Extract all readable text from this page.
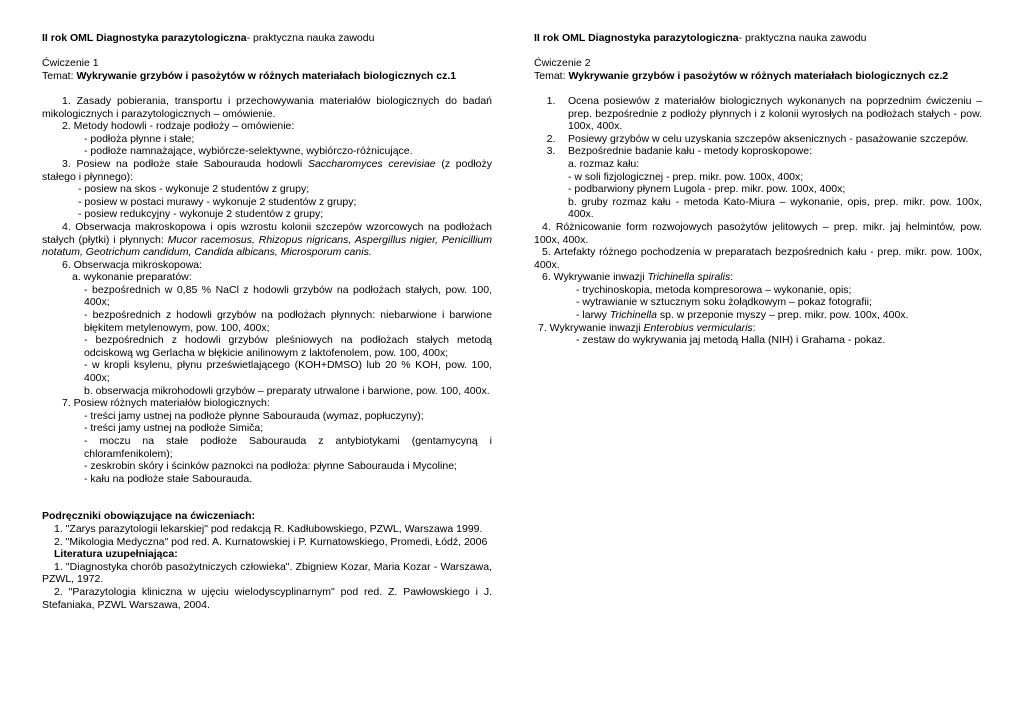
II rok OML Diagnostyka parazytologiczna- praktyczna nauka zawodu

Ćwiczenie 1

Temat: Wykrywanie grzybów i pasożytów w różnych materiałach biologicznych cz.1

1. Zasady pobierania, transportu i przechowywania materiałów biologicznych do badań mikologicznych i parazytologicznych – omówienie.

2. Metody hodowli - rodzaje podłoży – omówienie:

- podłoża płynne i stałe;

- podłoże namnażające, wybiórcze-selektywne, wybiórczo-różnicujące.

3. Posiew na podłoże stałe Sabourauda hodowli Saccharomyces cerevisiae (z podłoży stałego i płynnego):

- posiew na skos - wykonuje 2 studentów z grupy;

- posiew w postaci murawy - wykonuje 2 studentów z grupy;

- posiew redukcyjny - wykonuje 2 studentów z grupy;

4. Obserwacja makroskopowa i opis wzrostu kolonii szczepów wzorcowych na podłożach stałych (płytki) i płynnych: Mucor racemosus, Rhizopus nigricans, Aspergillus nigier, Penicillium notatum, Geotrichum candidum, Candida albicans, Microsporum canis.

6. Obserwacja mikroskopowa:

a. wykonanie preparatów:

- bezpośrednich w 0,85 % NaCl z hodowli grzybów na podłożach stałych, pow. 100, 400x;

- bezpośrednich z hodowli grzybów na podłożach płynnych: niebarwione i barwione błękitem metylenowym, pow. 100, 400x;

- bezpośrednich z hodowli grzybów pleśniowych na podłożach stałych metodą odciskową wg Gerlacha w błękicie anilinowym z laktofenolem, pow. 100, 400x;

- w kropli ksylenu, płynu prześwietlającego (KOH+DMSO) lub 20 % KOH, pow. 100, 400x;

b. obserwacja mikrohodowli grzybów – preparaty utrwalone i barwione, pow. 100, 400x.

7. Posiew różnych materiałów biologicznych:

- treści jamy ustnej na podłoże płynne Sabourauda (wymaz, popłuczyny);

- treści jamy ustnej na podłoże Simiča;

- moczu na stałe podłoże Sabourauda z antybiotykami (gentamycyną i chloramfenikolem);

- zeskrobin skóry i ścinków paznokci na podłoża: płynne Sabourauda i Mycoline;

- kału na podłoże stałe Sabourauda.

Podręczniki obowiązujące na ćwiczeniach:

1. "Zarys parazytologii lekarskiej" pod redakcją R. Kadłubowskiego, PZWL, Warszawa 1999.

2. "Mikologia Medyczna" pod red. A. Kurnatowskiej i P. Kurnatowskiego, Promedi, Łódź, 2006

Literatura uzupełniająca:

1. "Diagnostyka chorób pasożytniczych człowieka". Zbigniew Kozar, Maria Kozar - Warszawa, PZWL, 1972.

2. "Parazytologia kliniczna w ujęciu wielodyscyplinarnym" pod red. Z. Pawłowskiego i J. Stefaniaka, PZWL Warszawa, 2004.

II rok OML Diagnostyka parazytologiczna- praktyczna nauka zawodu

Ćwiczenie 2

Temat: Wykrywanie grzybów i pasożytów w różnych materiałach biologicznych cz.2

1.	Ocena posiewów z materiałów biologicznych wykonanych na poprzednim ćwiczeniu – prep. bezpośrednie z podłoży płynnych i z kolonii wyrosłych na podłożach stałych - pow. 100x, 400x.

2.	Posiewy grzybów w celu uzyskania szczepów aksenicznych - pasażowanie szczepów.

3.	Bezpośrednie badanie kału - metody koproskopowe:

a. rozmaz kału:

- w soli fizjologicznej - prep. mikr. pow. 100x, 400x;

- podbarwiony płynem Lugola - prep. mikr. pow. 100x, 400x;

b. gruby rozmaz kału - metoda Kato-Miura – wykonanie, opis, prep. mikr. pow. 100x, 400x.

4. Różnicowanie form rozwojowych pasożytów jelitowych – prep. mikr. jaj helmintów, pow. 100x, 400x.

5. Artefakty różnego pochodzenia w preparatach bezpośrednich kału - prep. mikr. pow. 100x, 400x.

6. Wykrywanie inwazji Trichinella spiralis:

- trychinoskopia, metoda kompresorowa – wykonanie, opis;

- wytrawianie w sztucznym soku żołądkowym – pokaz fotografii;

- larwy Trichinella sp. w przeponie myszy – prep. mikr. pow. 100x, 400x.

7. Wykrywanie inwazji Enterobius vermicularis:

- zestaw do wykrywania jaj metodą Halla (NIH) i Grahama - pokaz.
